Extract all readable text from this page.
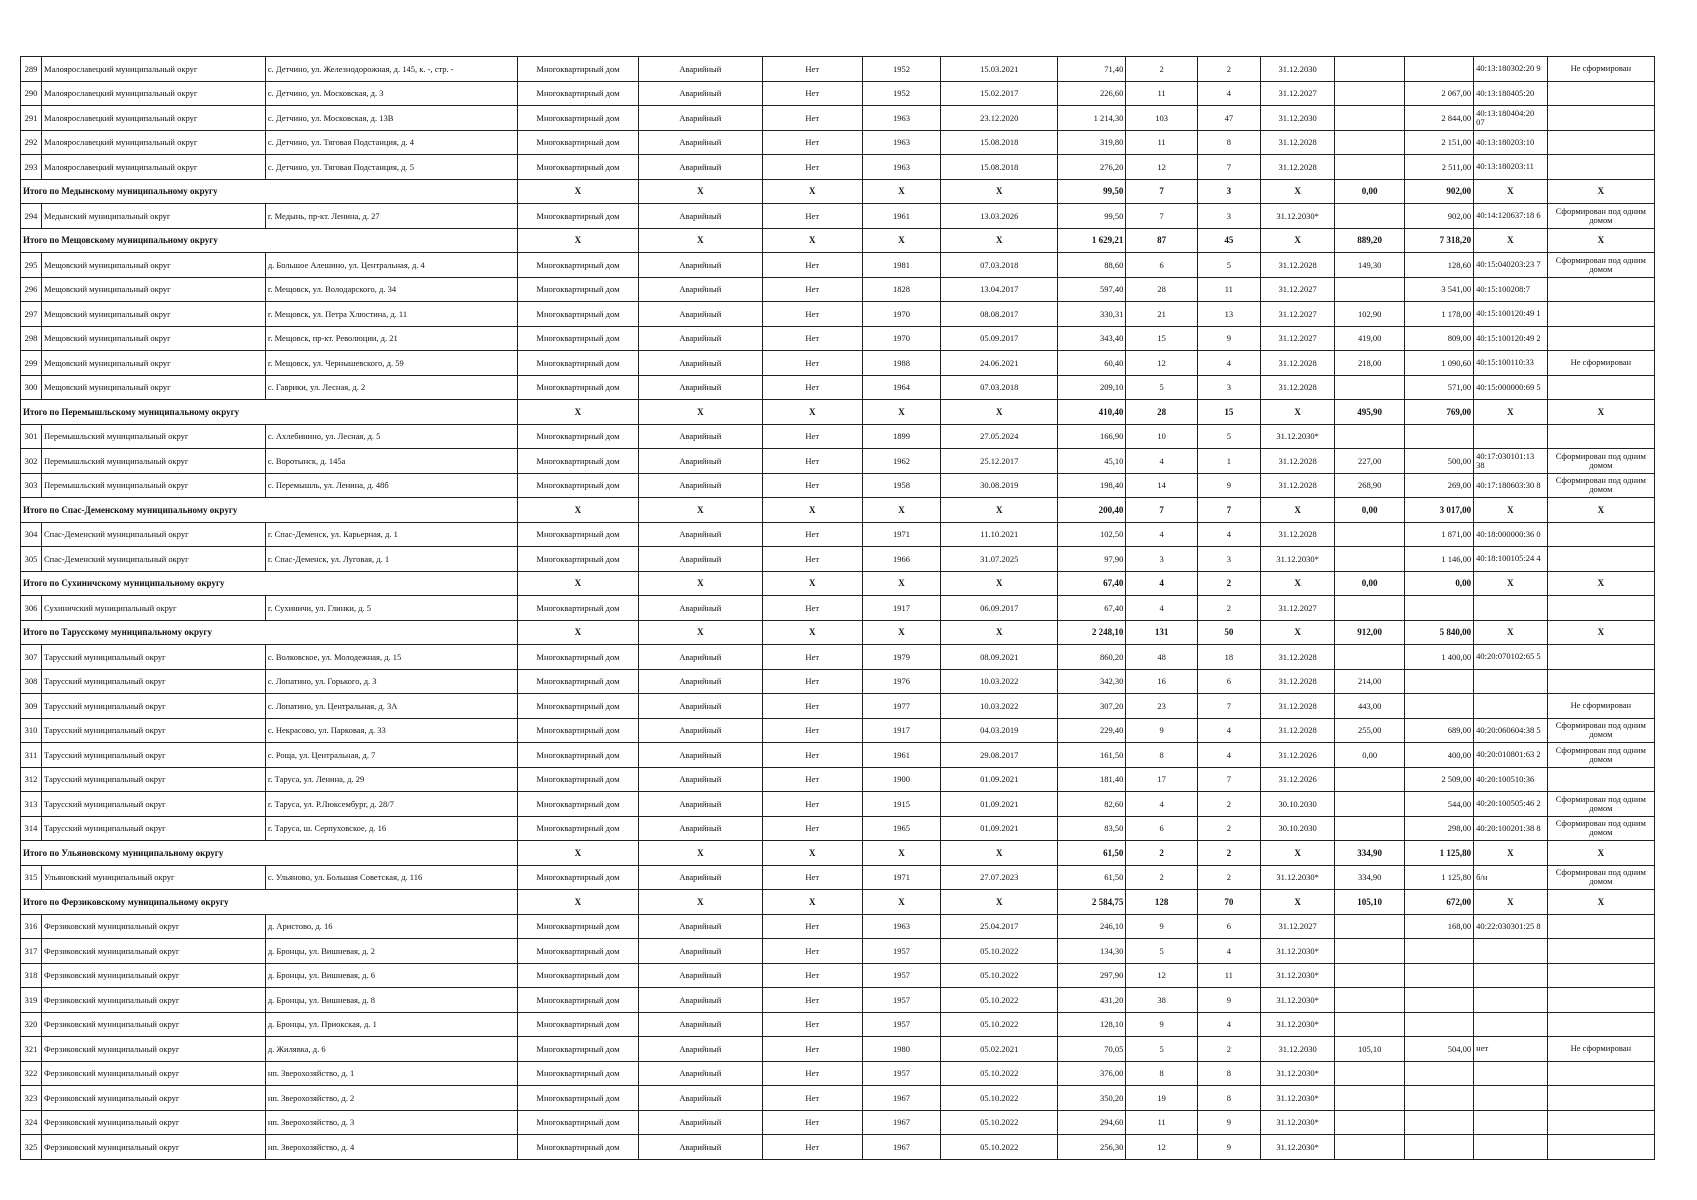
289	Малоярославецкий муниципальный округ	с. Детчино, ул. Железнодорожная, д. 145, к. -, стр. -	Многоквартирный дом	Аварийный	Нет	1952	15.03.2021	71,40	2	2	31.12.2030			40:13:180302:20 9	Не сформирован
290	Малоярославецкий муниципальный округ	с. Детчино, ул. Московская, д. 3	Многоквартирный дом	Аварийный	Нет	1952	15.02.2017	226,60	11	4	31.12.2027		2 067,00	40:13:180405:20	
291	Малоярославецкий муниципальный округ	с. Детчино, ул. Московская, д. 13В	Многоквартирный дом	Аварийный	Нет	1963	23.12.2020	1 214,30	103	47	31.12.2030		2 844,00	40:13:180404:20 07	
292	Малоярославецкий муниципальный округ	с. Детчино, ул. Тяговая Подстанция, д. 4	Многоквартирный дом	Аварийный	Нет	1963	15.08.2018	319,80	11	8	31.12.2028		2 151,00	40:13:180203:10	
293	Малоярославецкий муниципальный округ	с. Детчино, ул. Тяговая Подстанция, д. 5	Многоквартирный дом	Аварийный	Нет	1963	15.08.2018	276,20	12	7	31.12.2028		2 511,00	40:13:180203:11	
Итого по Медынскому муниципальному округу			X	X	X	X	X	99,50	7	3	X	0,00	902,00	X	X
294	Медынский муниципальный округ	г. Медынь, пр-кт. Ленина, д. 27	Многоквартирный дом	Аварийный	Нет	1961	13.03.2026	99,50	7	3	31.12.2030*		902,00	40:14:120637:18 6	Сформирован под одним домом
Итого по Мещовскому муниципальному округу			X	X	X	X	X	1 629,21	87	45	X	889,20	7 318,20	X	X
295	Мещовский муниципальный округ	д. Большое Алешино, ул. Центральная, д. 4	Многоквартирный дом	Аварийный	Нет	1981	07.03.2018	88,60	6	5	31.12.2028	149,30	128,60	40:15:040203:23 7	Сформирован под одним домом
296	Мещовский муниципальный округ	г. Мещовск, ул. Володарского, д. 34	Многоквартирный дом	Аварийный	Нет	1828	13.04.2017	597,40	28	11	31.12.2027		3 541,00	40:15:100208:7	
297	Мещовский муниципальный округ	г. Мещовск, ул. Петра Хлюстина, д. 11	Многоквартирный дом	Аварийный	Нет	1970	08.08.2017	330,31	21	13	31.12.2027	102,90	1 178,00	40:15:100120:49 1	
298	Мещовский муниципальный округ	г. Мещовск, пр-кт. Революции, д. 21	Многоквартирный дом	Аварийный	Нет	1970	05.09.2017	343,40	15	9	31.12.2027	419,00	809,00	40:15:100120:49 2	
299	Мещовский муниципальный округ	г. Мещовск, ул. Чернышевского, д. 59	Многоквартирный дом	Аварийный	Нет	1988	24.06.2021	60,40	12	4	31.12.2028	218,00	1 090,60	40:15:100110:33	Не сформирован
300	Мещовский муниципальный округ	с. Гаврики, ул. Лесная, д. 2	Многоквартирный дом	Аварийный	Нет	1964	07.03.2018	209,10	5	3	31.12.2028		571,00	40:15:000000:69 5	
Итого по Перемышльскому муниципальному округу			X	X	X	X	X	410,40	28	15	X	495,90	769,00	X	X
301	Перемышльский муниципальный округ	с. Ахлебинино, ул. Лесная, д. 5	Многоквартирный дом	Аварийный	Нет	1899	27.05.2024	166,90	10	5	31.12.2030*				
302	Перемышльский муниципальный округ	с. Воротынск, д. 145а	Многоквартирный дом	Аварийный	Нет	1962	25.12.2017	45,10	4	1	31.12.2028	227,00	500,00	40:17:030101:13 38	Сформирован под одним домом
303	Перемышльский муниципальный округ	с. Перемышль, ул. Ленина, д. 48б	Многоквартирный дом	Аварийный	Нет	1958	30.08.2019	198,40	14	9	31.12.2028	268,90	269,00	40:17:180603:30 8	Сформирован под одним домом
Итого по Спас-Деменскому муниципальному округу			X	X	X	X	X	200,40	7	7	X	0,00	3 017,00	X	X
304	Спас-Деменский муниципальный округ	г. Спас-Деменск, ул. Карьерная, д. 1	Многоквартирный дом	Аварийный	Нет	1971	11.10.2021	102,50	4	4	31.12.2028		1 871,00	40:18:000000:36 0	
305	Спас-Деменский муниципальный округ	г. Спас-Деменск, ул. Луговая, д. 1	Многоквартирный дом	Аварийный	Нет	1966	31.07.2025	97,90	3	3	31.12.2030*		1 146,00	40:18:100105:24 4	
Итого по Сухиничскому муниципальному округу			X	X	X	X	X	67,40	4	2	X	0,00	0,00	X	X
306	Сухиничский муниципальный округ	г. Сухиничи, ул. Глинки, д. 5	Многоквартирный дом	Аварийный	Нет	1917	06.09.2017	67,40	4	2	31.12.2027				
Итого по Тарусскому муниципальному округу			X	X	X	X	X	2 248,10	131	50	X	912,00	5 840,00	X	X
307	Тарусский муниципальный округ	с. Волковское, ул. Молодежная, д. 15	Многоквартирный дом	Аварийный	Нет	1979	08.09.2021	860,20	48	18	31.12.2028		1 400,00	40:20:070102:65 5	
308	Тарусский муниципальный округ	с. Лопатино, ул. Горького, д. 3	Многоквартирный дом	Аварийный	Нет	1976	10.03.2022	342,30	16	6	31.12.2028	214,00			
309	Тарусский муниципальный округ	с. Лопатино, ул. Центральная, д. 3А	Многоквартирный дом	Аварийный	Нет	1977	10.03.2022	307,20	23	7	31.12.2028	443,00			Не сформирован
310	Тарусский муниципальный округ	с. Некрасово, ул. Парковая, д. 33	Многоквартирный дом	Аварийный	Нет	1917	04.03.2019	229,40	9	4	31.12.2028	255,00	689,00	40:20:060604:38 5	Сформирован под одним домом
311	Тарусский муниципальный округ	с. Роща, ул. Центральная, д. 7	Многоквартирный дом	Аварийный	Нет	1961	29.08.2017	161,50	8	4	31.12.2026	0,00	400,00	40:20:010801:63 2	Сформирован под одним домом
312	Тарусский муниципальный округ	г. Таруса, ул. Ленина, д. 29	Многоквартирный дом	Аварийный	Нет	1900	01.09.2021	181,40	17	7	31.12.2026		2 509,00	40:20:100510:36	
313	Тарусский муниципальный округ	г. Таруса, ул. Р.Люксембург, д. 28/7	Многоквартирный дом	Аварийный	Нет	1915	01.09.2021	82,60	4	2	30.10.2030		544,00	40:20:100505:46 2	Сформирован под одним домом
314	Тарусский муниципальный округ	г. Таруса, ш. Серпуховское, д. 16	Многоквартирный дом	Аварийный	Нет	1965	01.09.2021	83,50	6	2	30.10.2030		298,00	40:20:100201:38 8	Сформирован под одним домом
Итого по Ульяновскому муниципальному округу			X	X	X	X	X	61,50	2	2	X	334,90	1 125,80	X	X
315	Ульяновский муниципальный округ	с. Ульяново, ул. Большая Советская, д. 116	Многоквартирный дом	Аварийный	Нет	1971	27.07.2023	61,50	2	2	31.12.2030*	334,90	1 125,80	б/н	Сформирован под одним домом
Итого по Ферзиковскому муниципальному округу			X	X	X	X	X	2 584,75	128	70	X	105,10	672,00	X	X
316	Ферзиковский муниципальный округ	д. Аристово, д. 16	Многоквартирный дом	Аварийный	Нет	1963	25.04.2017	246,10	9	6	31.12.2027		168,00	40:22:030301:25 8	
317	Ферзиковский муниципальный округ	д. Бронцы, ул. Вишневая, д. 2	Многоквартирный дом	Аварийный	Нет	1957	05.10.2022	134,30	5	4	31.12.2030*				
318	Ферзиковский муниципальный округ	д. Бронцы, ул. Вишневая, д. 6	Многоквартирный дом	Аварийный	Нет	1957	05.10.2022	297,90	12	11	31.12.2030*				
319	Ферзиковский муниципальный округ	д. Бронцы, ул. Вишневая, д. 8	Многоквартирный дом	Аварийный	Нет	1957	05.10.2022	431,20	38	9	31.12.2030*				
320	Ферзиковский муниципальный округ	д. Бронцы, ул. Приокская, д. 1	Многоквартирный дом	Аварийный	Нет	1957	05.10.2022	128,10	9	4	31.12.2030*				
321	Ферзиковский муниципальный округ	д. Жилявка, д. 6	Многоквартирный дом	Аварийный	Нет	1980	05.02.2021	70,05	5	2	31.12.2030	105,10	504,00	нет	Не сформирован
322	Ферзиковский муниципальный округ	нп. Зверохозяйство, д. 1	Многоквартирный дом	Аварийный	Нет	1957	05.10.2022	376,00	8	8	31.12.2030*				
323	Ферзиковский муниципальный округ	нп. Зверохозяйство, д. 2	Многоквартирный дом	Аварийный	Нет	1967	05.10.2022	350,20	19	8	31.12.2030*				
324	Ферзиковский муниципальный округ	нп. Зверохозяйство, д. 3	Многоквартирный дом	Аварийный	Нет	1967	05.10.2022	294,60	11	9	31.12.2030*				
325	Ферзиковский муниципальный округ	нп. Зверохозяйство, д. 4	Многоквартирный дом	Аварийный	Нет	1967	05.10.2022	256,30	12	9	31.12.2030*				
